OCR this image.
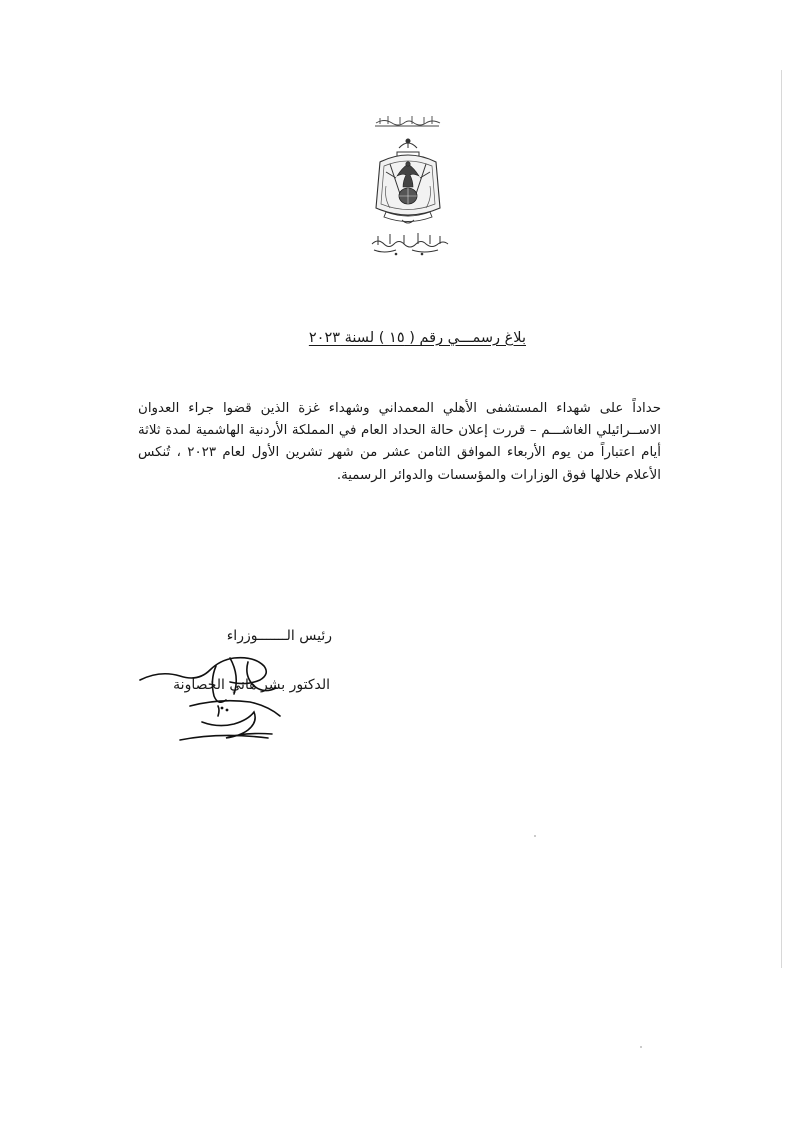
بلاغ رسمـــي رقم ( ١٥ ) لسنة ٢٠٢٣

حداداً على شهداء المستشفى الأهلي المعمداني وشهداء غزة الذين قضوا جراء العدوان الاســرائيلي الغاشـــم – قررت إعلان حالة الحداد العام في المملكة الأردنية الهاشمية لمدة ثلاثة أيام اعتباراً من يوم الأربعاء الموافق الثامن عشر من شهر تشرين الأول لعام ٢٠٢٣ ، تُنكس الأعلام خلالها فوق الوزارات والمؤسسات والدوائر الرسمية.

رئيس الـــــــوزراء
الدكتور بشر هاني الخصاونة
